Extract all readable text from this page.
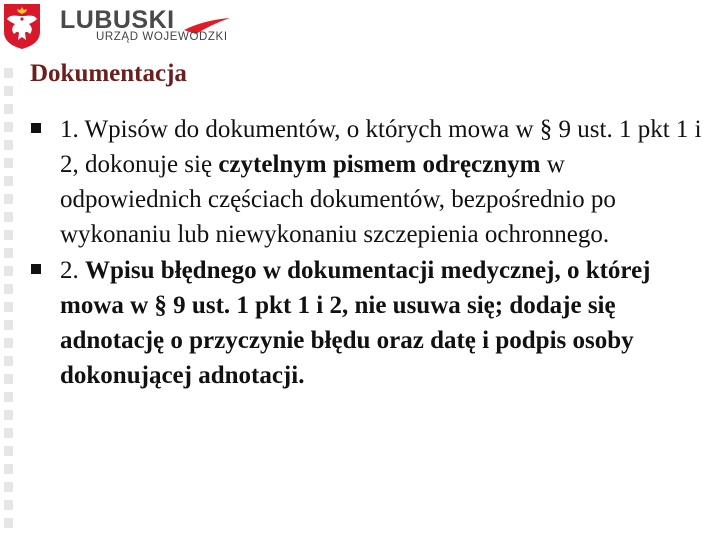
LUBUSKI
URZĄD WOJEWÓDZKI
Dokumentacja
1. Wpisów do dokumentów, o których mowa w § 9 ust. 1 pkt 1 i 2, dokonuje się czytelnym pismem odręcznym w odpowiednich częściach dokumentów, bezpośrednio po wykonaniu lub niewykonaniu szczepienia ochronnego.
2. Wpisu błędnego w dokumentacji medycznej, o której mowa w § 9 ust. 1 pkt 1 i 2, nie usuwa się; dodaje się adnotację o przyczynie błędu oraz datę i podpis osoby dokonującej adnotacji.
